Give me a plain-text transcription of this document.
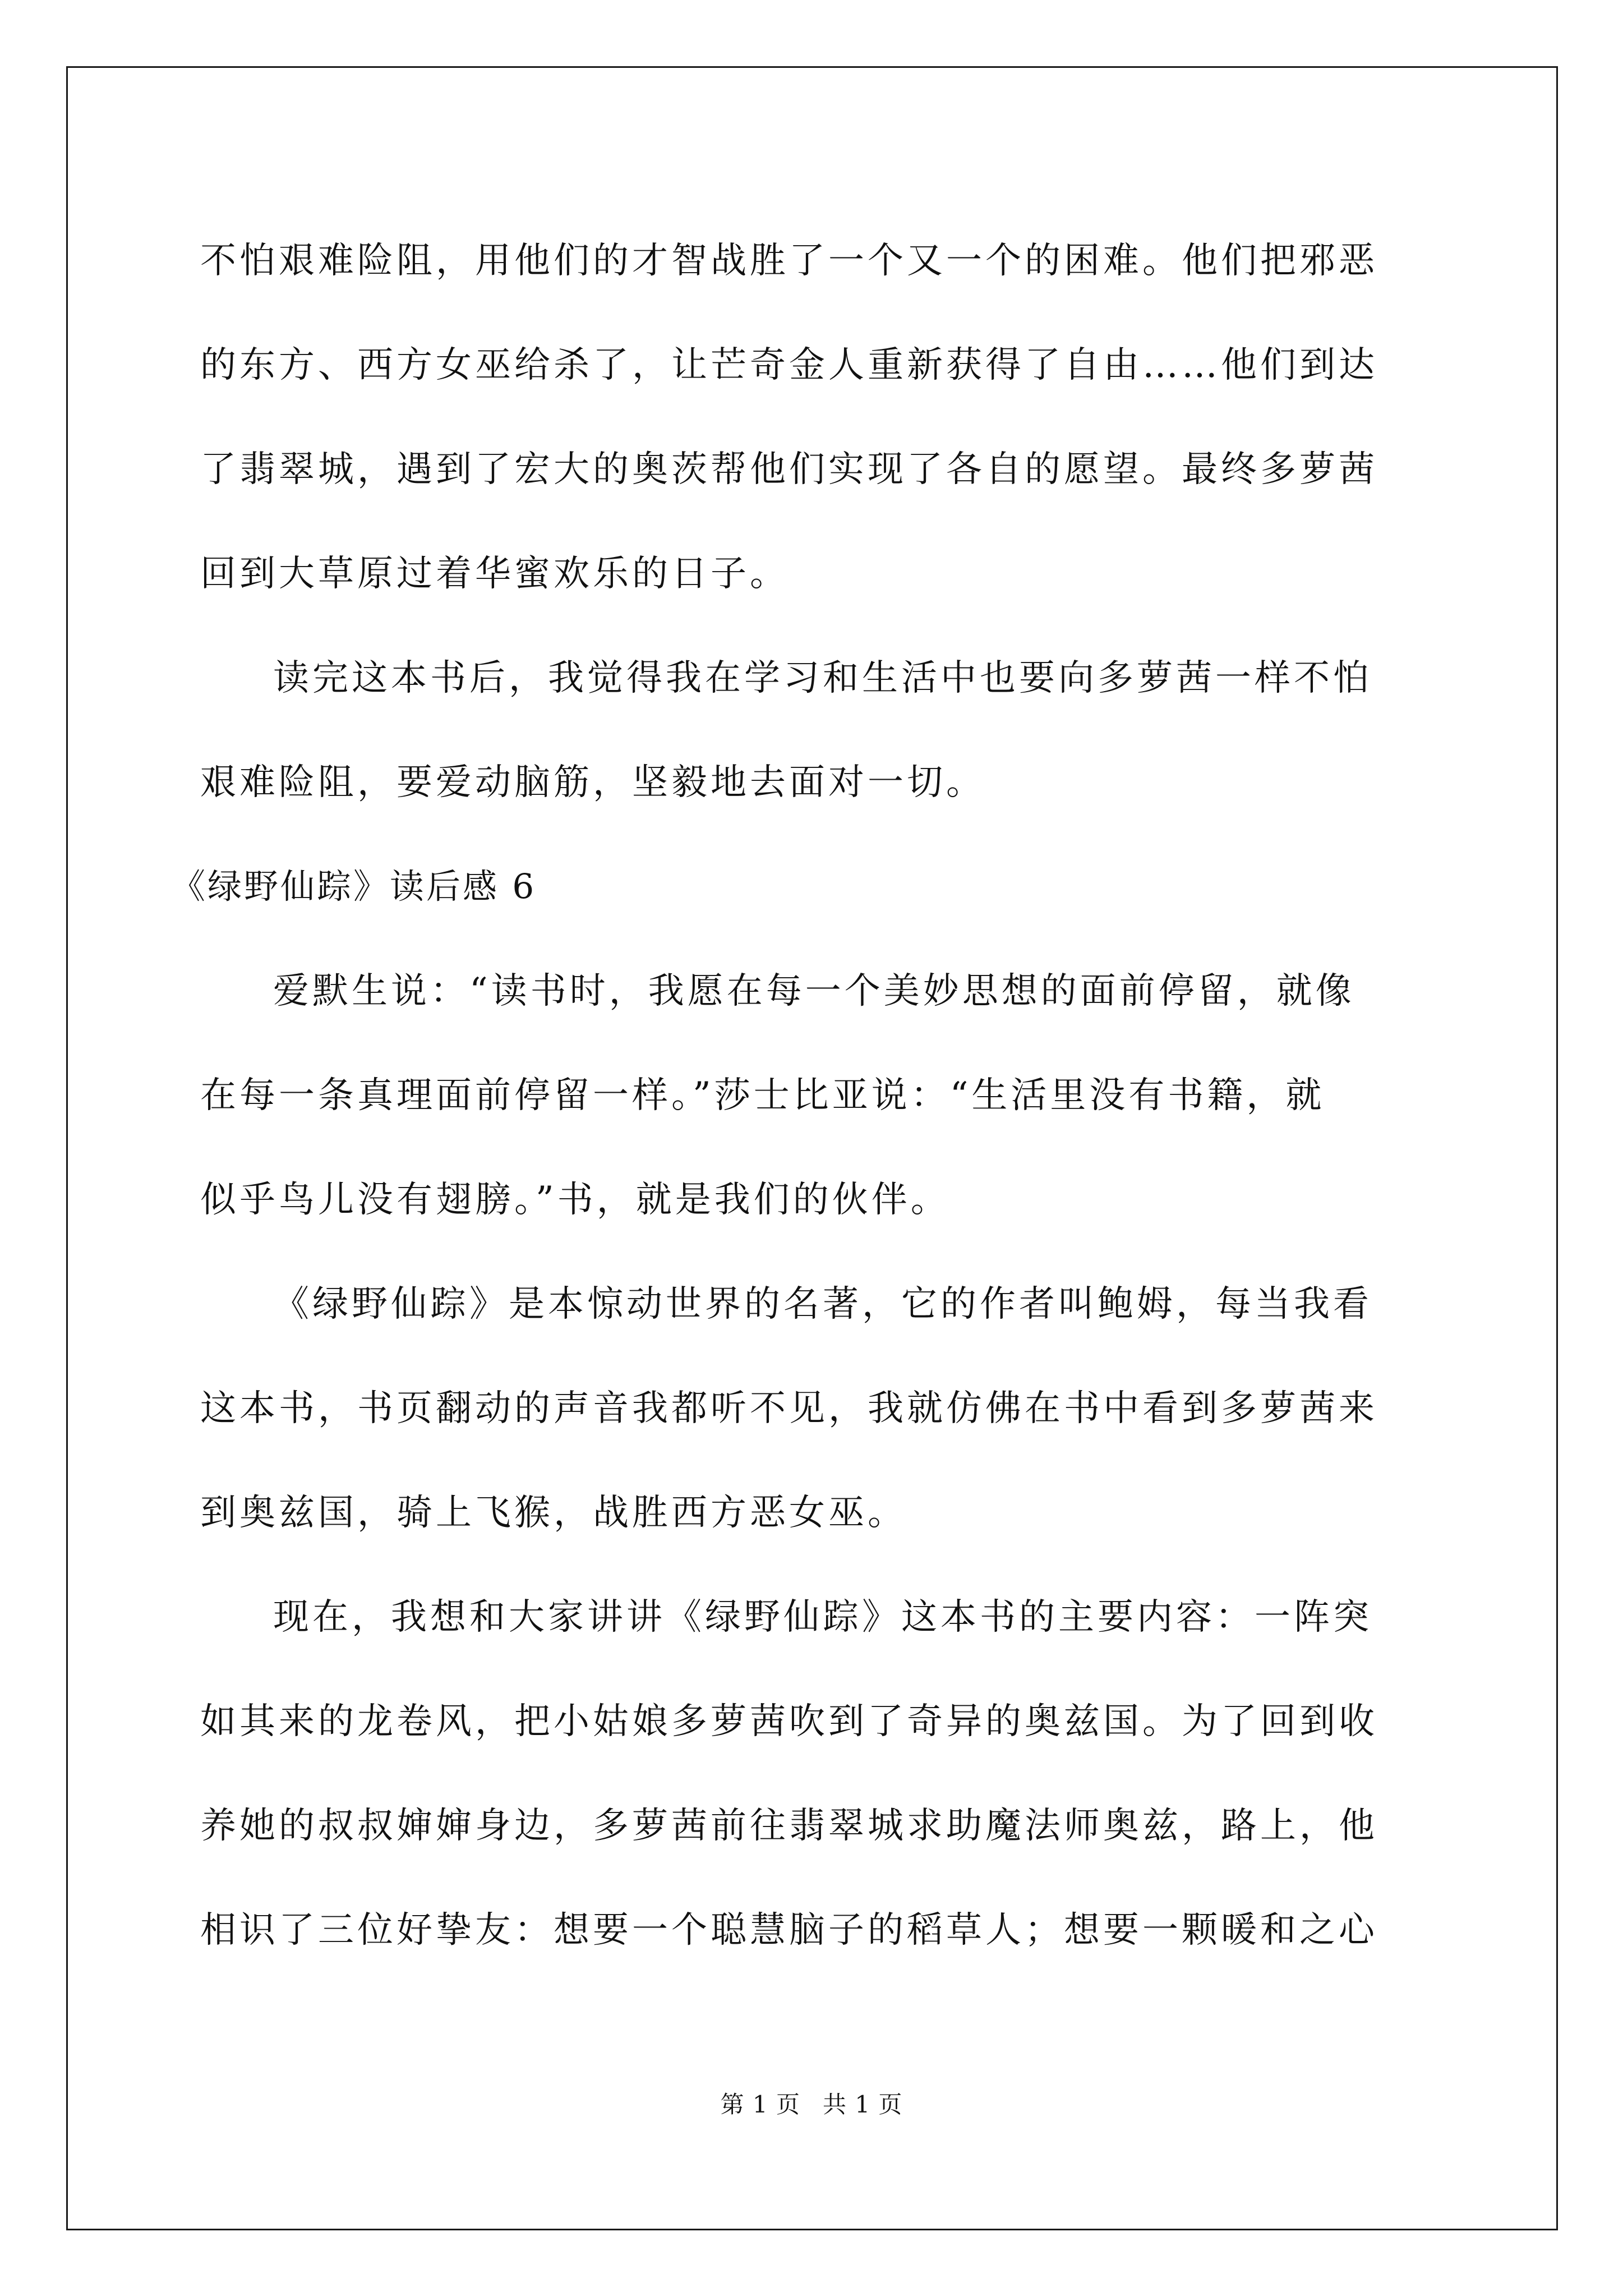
不怕艰难险阻，用他们的才智战胜了一个又一个的困难。他们把邪恶
的东方、西方女巫给杀了，让芒奇金人重新获得了自由……他们到达
了翡翠城，遇到了宏大的奥茨帮他们实现了各自的愿望。最终多萝茜
回到大草原过着华蜜欢乐的日子。
读完这本书后，我觉得我在学习和生活中也要向多萝茜一样不怕
艰难险阻，要爱动脑筋，坚毅地去面对一切。
《绿野仙踪》读后感 6
爱默生说：“读书时，我愿在每一个美妙思想的面前停留，就像
在每一条真理面前停留一样。”莎士比亚说：“生活里没有书籍，就
似乎鸟儿没有翅膀。”书，就是我们的伙伴。
《绿野仙踪》是本惊动世界的名著，它的作者叫鲍姆，每当我看
这本书，书页翻动的声音我都听不见，我就仿佛在书中看到多萝茜来
到奥兹国，骑上飞猴，战胜西方恶女巫。
现在，我想和大家讲讲《绿野仙踪》这本书的主要内容：一阵突
如其来的龙卷风，把小姑娘多萝茜吹到了奇异的奥兹国。为了回到收
养她的叔叔婶婶身边，多萝茜前往翡翠城求助魔法师奥兹，路上，他
相识了三位好挚友：想要一个聪慧脑子的稻草人；想要一颗暖和之心
第 1 页 共 1 页
